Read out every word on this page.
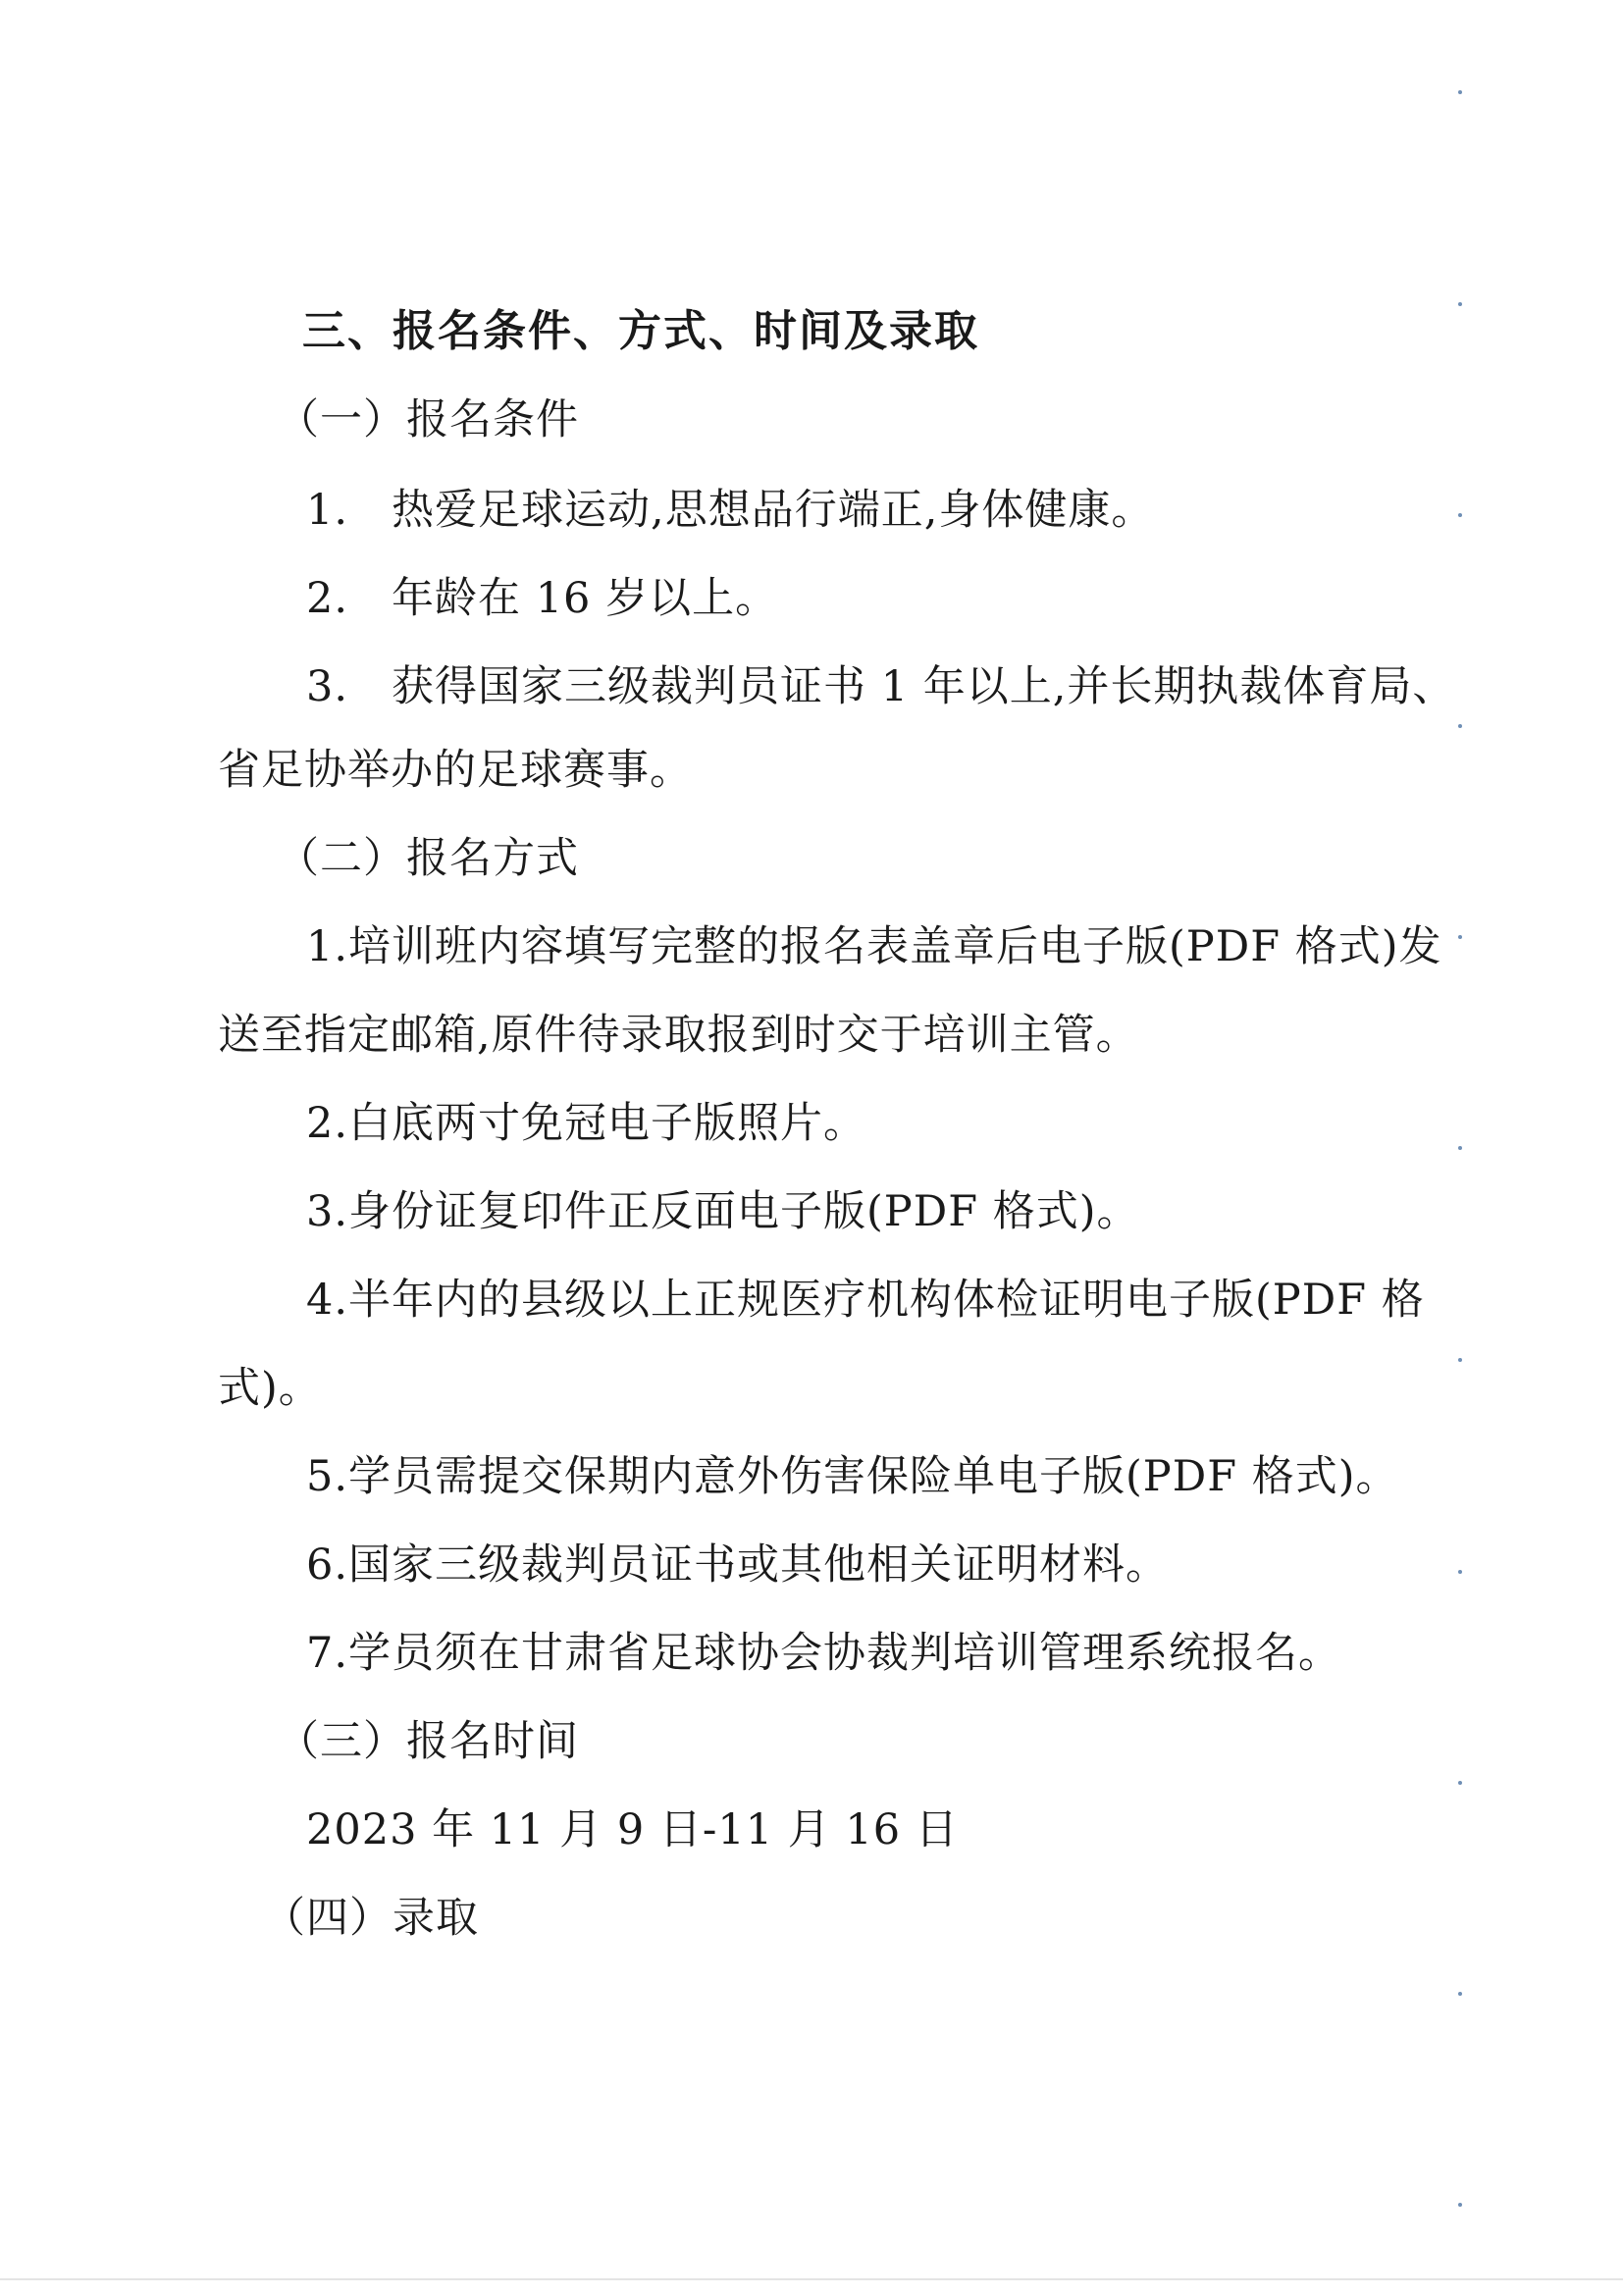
三、报名条件、方式、时间及录取
（一）报名条件
1.　热爱足球运动,思想品行端正,身体健康。
2.　年龄在 16 岁以上。
3.　获得国家三级裁判员证书 1 年以上,并长期执裁体育局、
省足协举办的足球赛事。
（二）报名方式
1.培训班内容填写完整的报名表盖章后电子版(PDF 格式)发
送至指定邮箱,原件待录取报到时交于培训主管。
2.白底两寸免冠电子版照片。
3.身份证复印件正反面电子版(PDF 格式)。
4.半年内的县级以上正规医疗机构体检证明电子版(PDF 格
式)。
5.学员需提交保期内意外伤害保险单电子版(PDF 格式)。
6.国家三级裁判员证书或其他相关证明材料。
7.学员须在甘肃省足球协会协裁判培训管理系统报名。
（三）报名时间
2023 年 11 月 9 日-11 月 16 日
（四）录取
